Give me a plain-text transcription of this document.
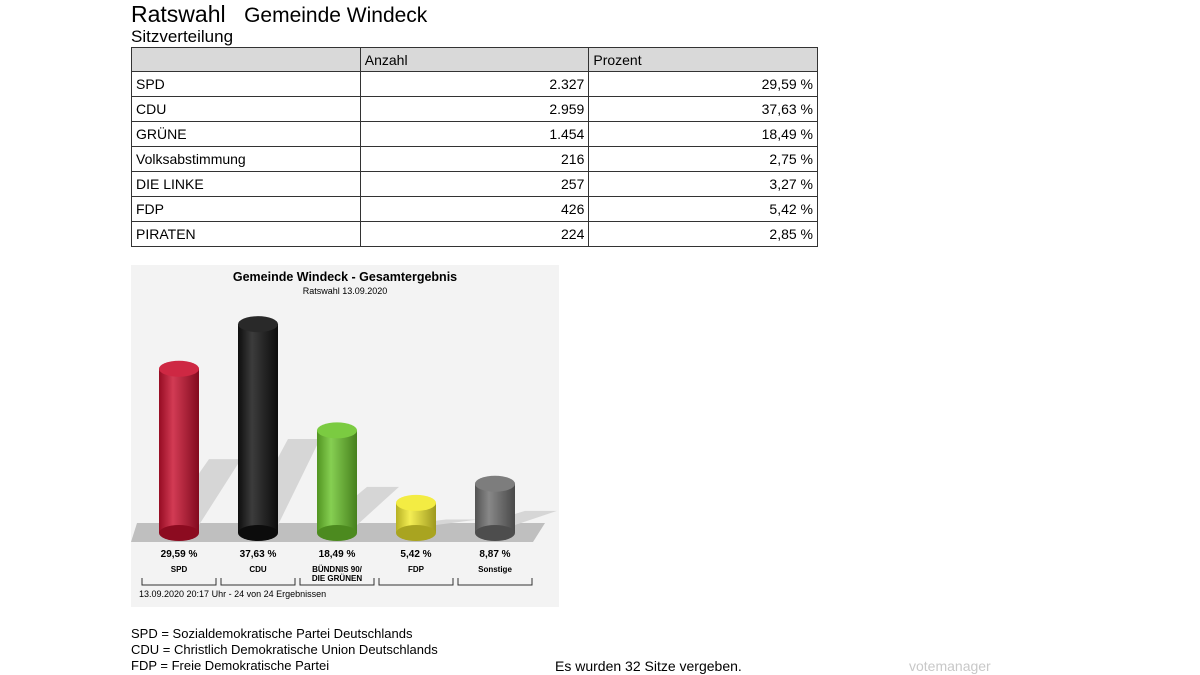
Ratswahl Gemeinde Windeck
Sitzverteilung
	Anzahl	Prozent
SPD	2.327	29,59 %
CDU	2.959	37,63 %
GRÜNE	1.454	18,49 %
Volksabstimmung	216	2,75 %
DIE LINKE	257	3,27 %
FDP	426	5,42 %
PIRATEN	224	2,85 %
Gemeinde Windeck - Gesamtergebnis
Ratswahl 13.09.2020
13.09.2020 20:17 Uhr - 24 von 24 Ergebnissen
29,59 %
SPD
37,63 %
CDU
18,49 %
BÜNDNIS 90/
DIE GRÜNEN
5,42 %
FDP
8,87 %
Sonstige
SPD = Sozialdemokratische Partei Deutschlands
CDU = Christlich Demokratische Union Deutschlands
FDP = Freie Demokratische Partei	Es wurden 32 Sitze vergeben.	votemanager
